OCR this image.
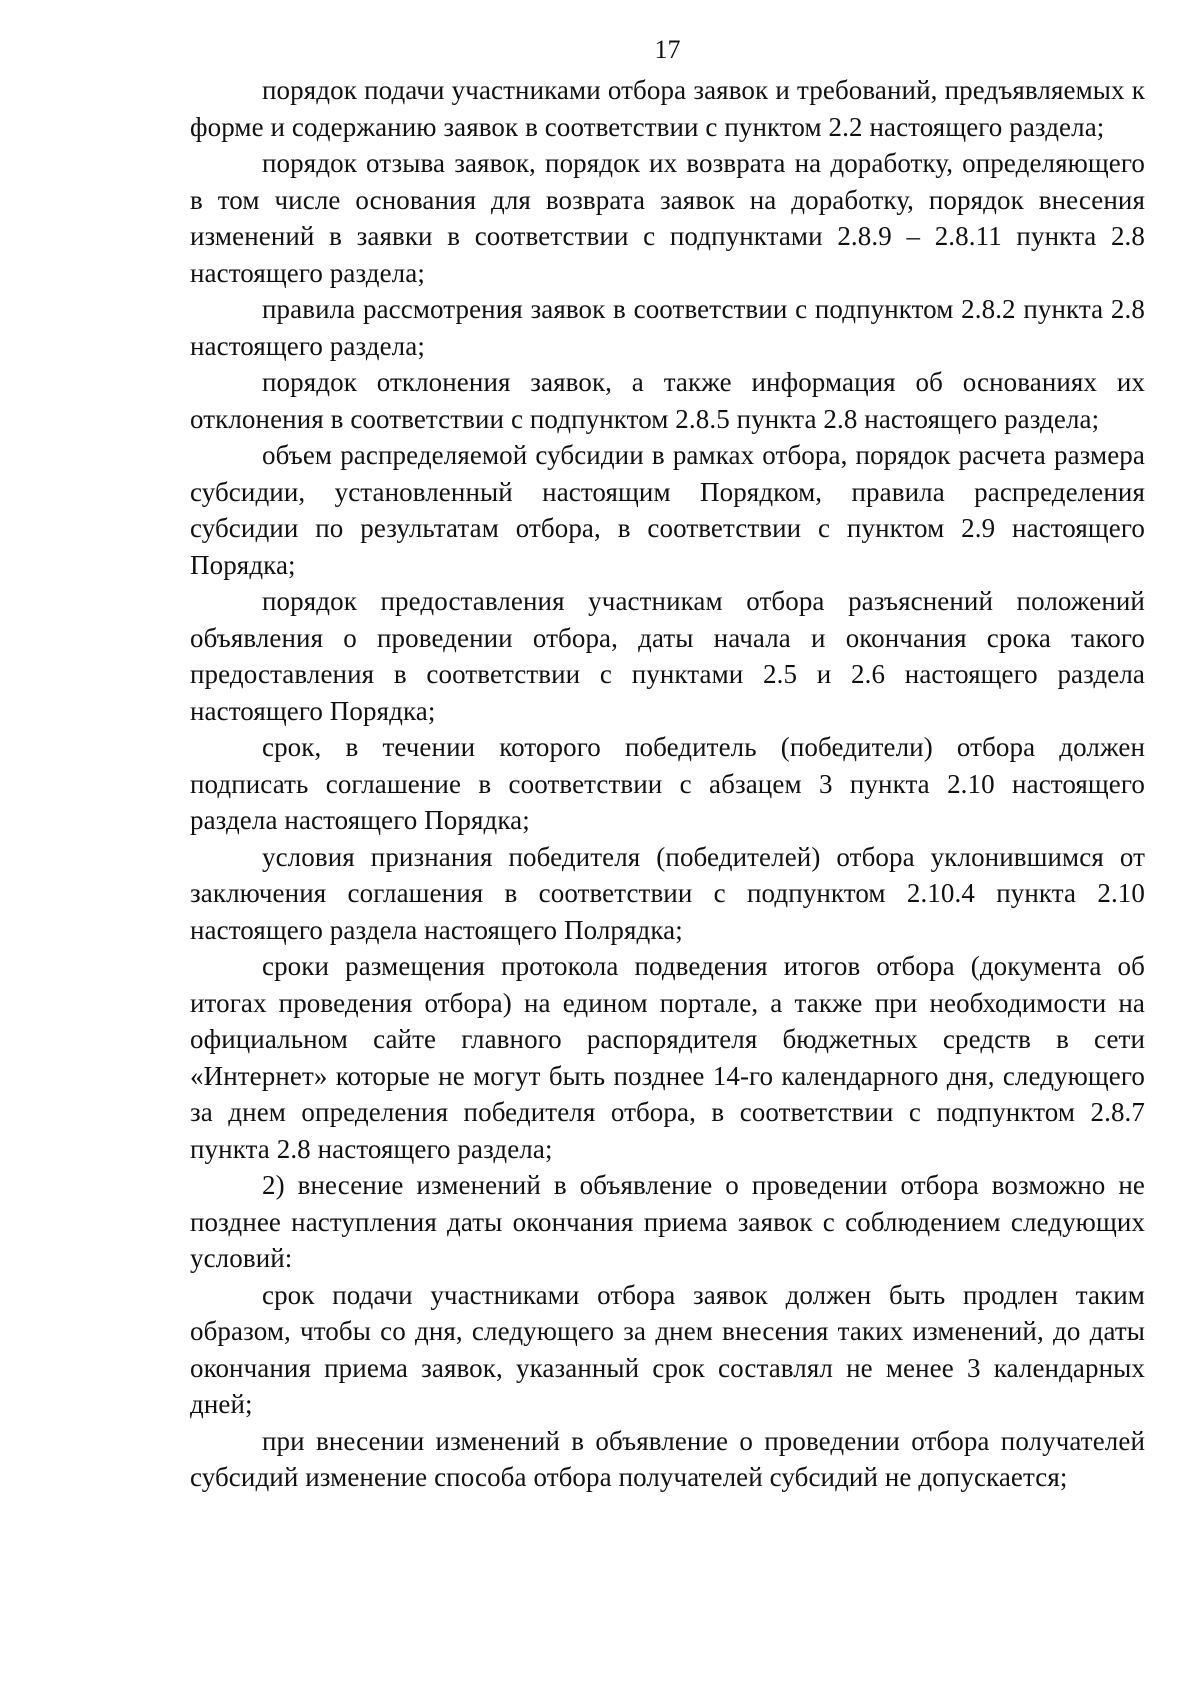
17

порядок подачи участниками отбора заявок и требований, предъявляемых к форме и содержанию заявок в соответствии с пунктом 2.2 настоящего раздела;

порядок отзыва заявок, порядок их возврата на доработку, определяющего в том числе основания для возврата заявок на доработку, порядок внесения изменений в заявки в соответствии с подпунктами 2.8.9 – 2.8.11 пункта 2.8 настоящего раздела;

правила рассмотрения заявок в соответствии с подпунктом 2.8.2 пункта 2.8 настоящего раздела;

порядок отклонения заявок, а также информация об основаниях их отклонения в соответствии с подпунктом 2.8.5 пункта 2.8 настоящего раздела;

объем распределяемой субсидии в рамках отбора, порядок расчета размера субсидии, установленный настоящим Порядком, правила распределения субсидии по результатам отбора, в соответствии с пунктом 2.9 настоящего Порядка;

порядок предоставления участникам отбора разъяснений положений объявления о проведении отбора, даты начала и окончания срока такого предоставления в соответствии с пунктами 2.5 и 2.6 настоящего раздела настоящего Порядка;

срок, в течении которого победитель (победители) отбора должен подписать соглашение в соответствии с абзацем 3 пункта 2.10 настоящего раздела настоящего Порядка;

условия признания победителя (победителей) отбора уклонившимся от заключения соглашения в соответствии с подпунктом 2.10.4 пункта 2.10 настоящего раздела настоящего Полрядка;

сроки размещения протокола подведения итогов отбора (документа об итогах проведения отбора) на едином портале, а также при необходимости на официальном сайте главного распорядителя бюджетных средств в сети «Интернет» которые не могут быть позднее 14-го календарного дня, следующего за днем определения победителя отбора, в соответствии с подпунктом 2.8.7 пункта 2.8 настоящего раздела;

2) внесение изменений в объявление о проведении отбора возможно не позднее наступления даты окончания приема заявок с соблюдением следующих условий:

срок подачи участниками отбора заявок должен быть продлен таким образом, чтобы со дня, следующего за днем внесения таких изменений, до даты окончания приема заявок, указанный срок составлял не менее 3 календарных дней;

при внесении изменений в объявление о проведении отбора получателей субсидий изменение способа отбора получателей субсидий не допускается;
